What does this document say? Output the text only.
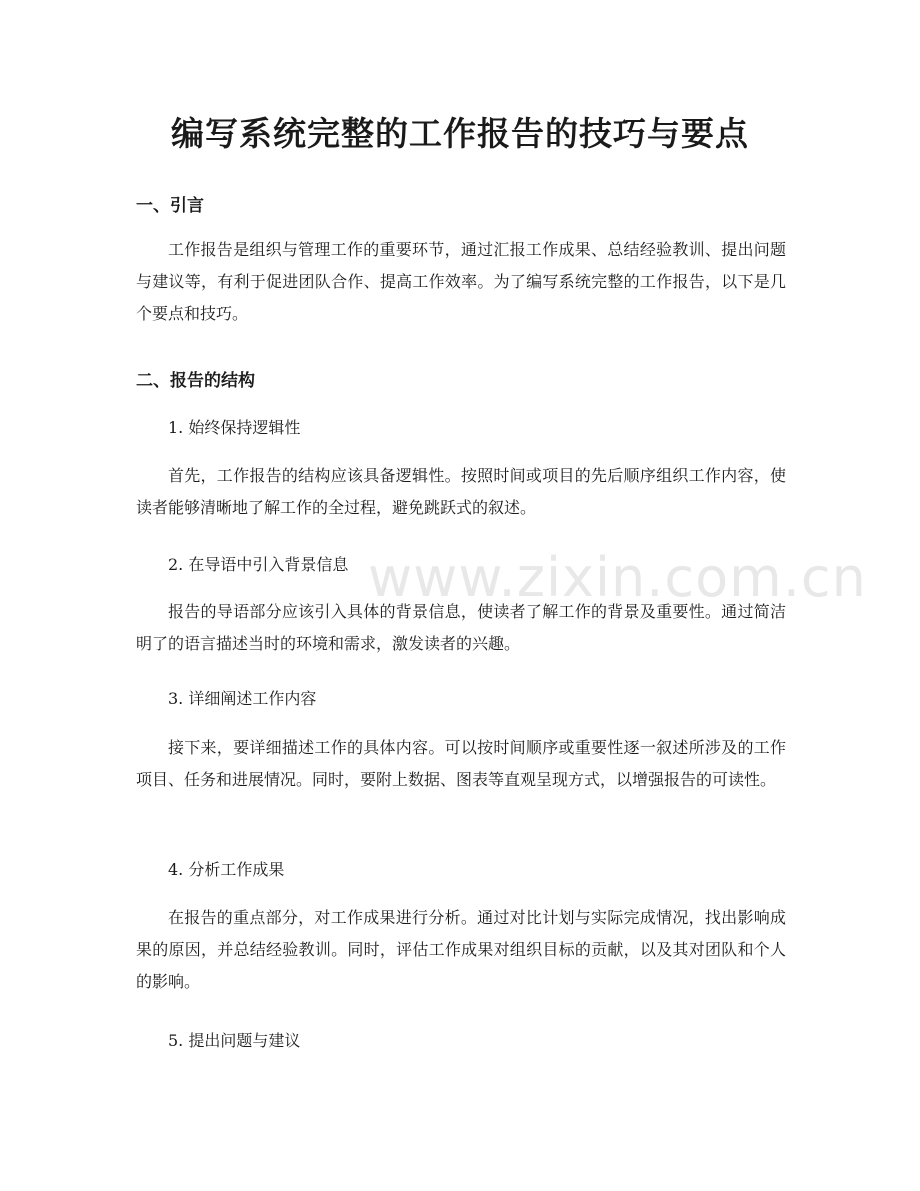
编写系统完整的工作报告的技巧与要点
一、引言

工作报告是组织与管理工作的重要环节，通过汇报工作成果、总结经验教训、提出问题与建议等，有利于促进团队合作、提高工作效率。为了编写系统完整的工作报告，以下是几个要点和技巧。

二、报告的结构

1. 始终保持逻辑性

首先，工作报告的结构应该具备逻辑性。按照时间或项目的先后顺序组织工作内容，使读者能够清晰地了解工作的全过程，避免跳跃式的叙述。

2. 在导语中引入背景信息

报告的导语部分应该引入具体的背景信息，使读者了解工作的背景及重要性。通过简洁明了的语言描述当时的环境和需求，激发读者的兴趣。

3. 详细阐述工作内容

接下来，要详细描述工作的具体内容。可以按时间顺序或重要性逐一叙述所涉及的工作项目、任务和进展情况。同时，要附上数据、图表等直观呈现方式，以增强报告的可读性。

4. 分析工作成果

在报告的重点部分，对工作成果进行分析。通过对比计划与实际完成情况，找出影响成果的原因，并总结经验教训。同时，评估工作成果对组织目标的贡献，以及其对团队和个人的影响。

5. 提出问题与建议

www.zixin.com.cn
